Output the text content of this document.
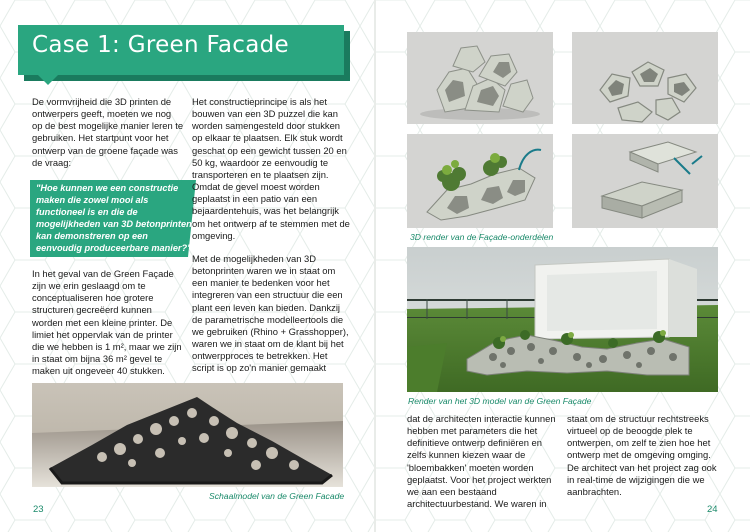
Case 1: Green Facade

De vormvrijheid die 3D printen de ontwerpers geeft, moeten we nog op de best mogelijke manier leren te gebruiken. Het startpunt voor het ontwerp van de groene façade was de vraag:

"Hoe kunnen we een constructie maken die zowel mooi als functioneel is en die de mogelijkheden van 3D betonprinten kan demonstreren op een eenvoudig produceerbare manier?"

In het geval van de Green Façade zijn we erin geslaagd om te conceptualiseren hoe grotere structuren gecreëerd kunnen worden met een kleine printer. De limiet het oppervlak van de printer die we hebben is 1 m², maar we zijn in staat om bijna 36 m² gevel te maken uit ongeveer 40 stukken.

Het constructieprincipe is als het bouwen van een 3D puzzel die kan worden samengesteld door stukken op elkaar te plaatsen. Elk stuk wordt geschat op een gewicht tussen 20 en 50 kg, waardoor ze eenvoudig te transporteren en te plaatsen zijn. Omdat de gevel moest worden geplaatst in een patio van een bejaardentehuis, was het belangrijk om het ontwerp af te stemmen met de omgeving.

Met de mogelijkheden van 3D betonprinten waren we in staat om een manier te bedenken voor het integreren van een structuur die een plant een leven kan bieden. Dankzij de parametrische modelleertools die we gebruiken (Rhino + Grasshopper), waren we in staat om de klant bij het ontwerpproces te betrekken. Het script is op zo'n manier gemaakt

Schaalmodel van de Green Facade
23
3D render van de Façade-onderdelen
Render van het 3D model van de Green Façade

dat de architecten interactie kunnen hebben met parameters die het definitieve ontwerp definiëren en zelfs kunnen kiezen waar de 'bloembakken' moeten worden geplaatst. Voor het project werkten we aan een bestaand architectuurbestand. We waren in

staat om de structuur rechtstreeks virtueel op de beoogde plek te ontwerpen, om zelf te zien hoe het ontwerp met de omgeving omging. De architect van het project zag ook in real-time de wijzigingen die we aanbrachten.

24
